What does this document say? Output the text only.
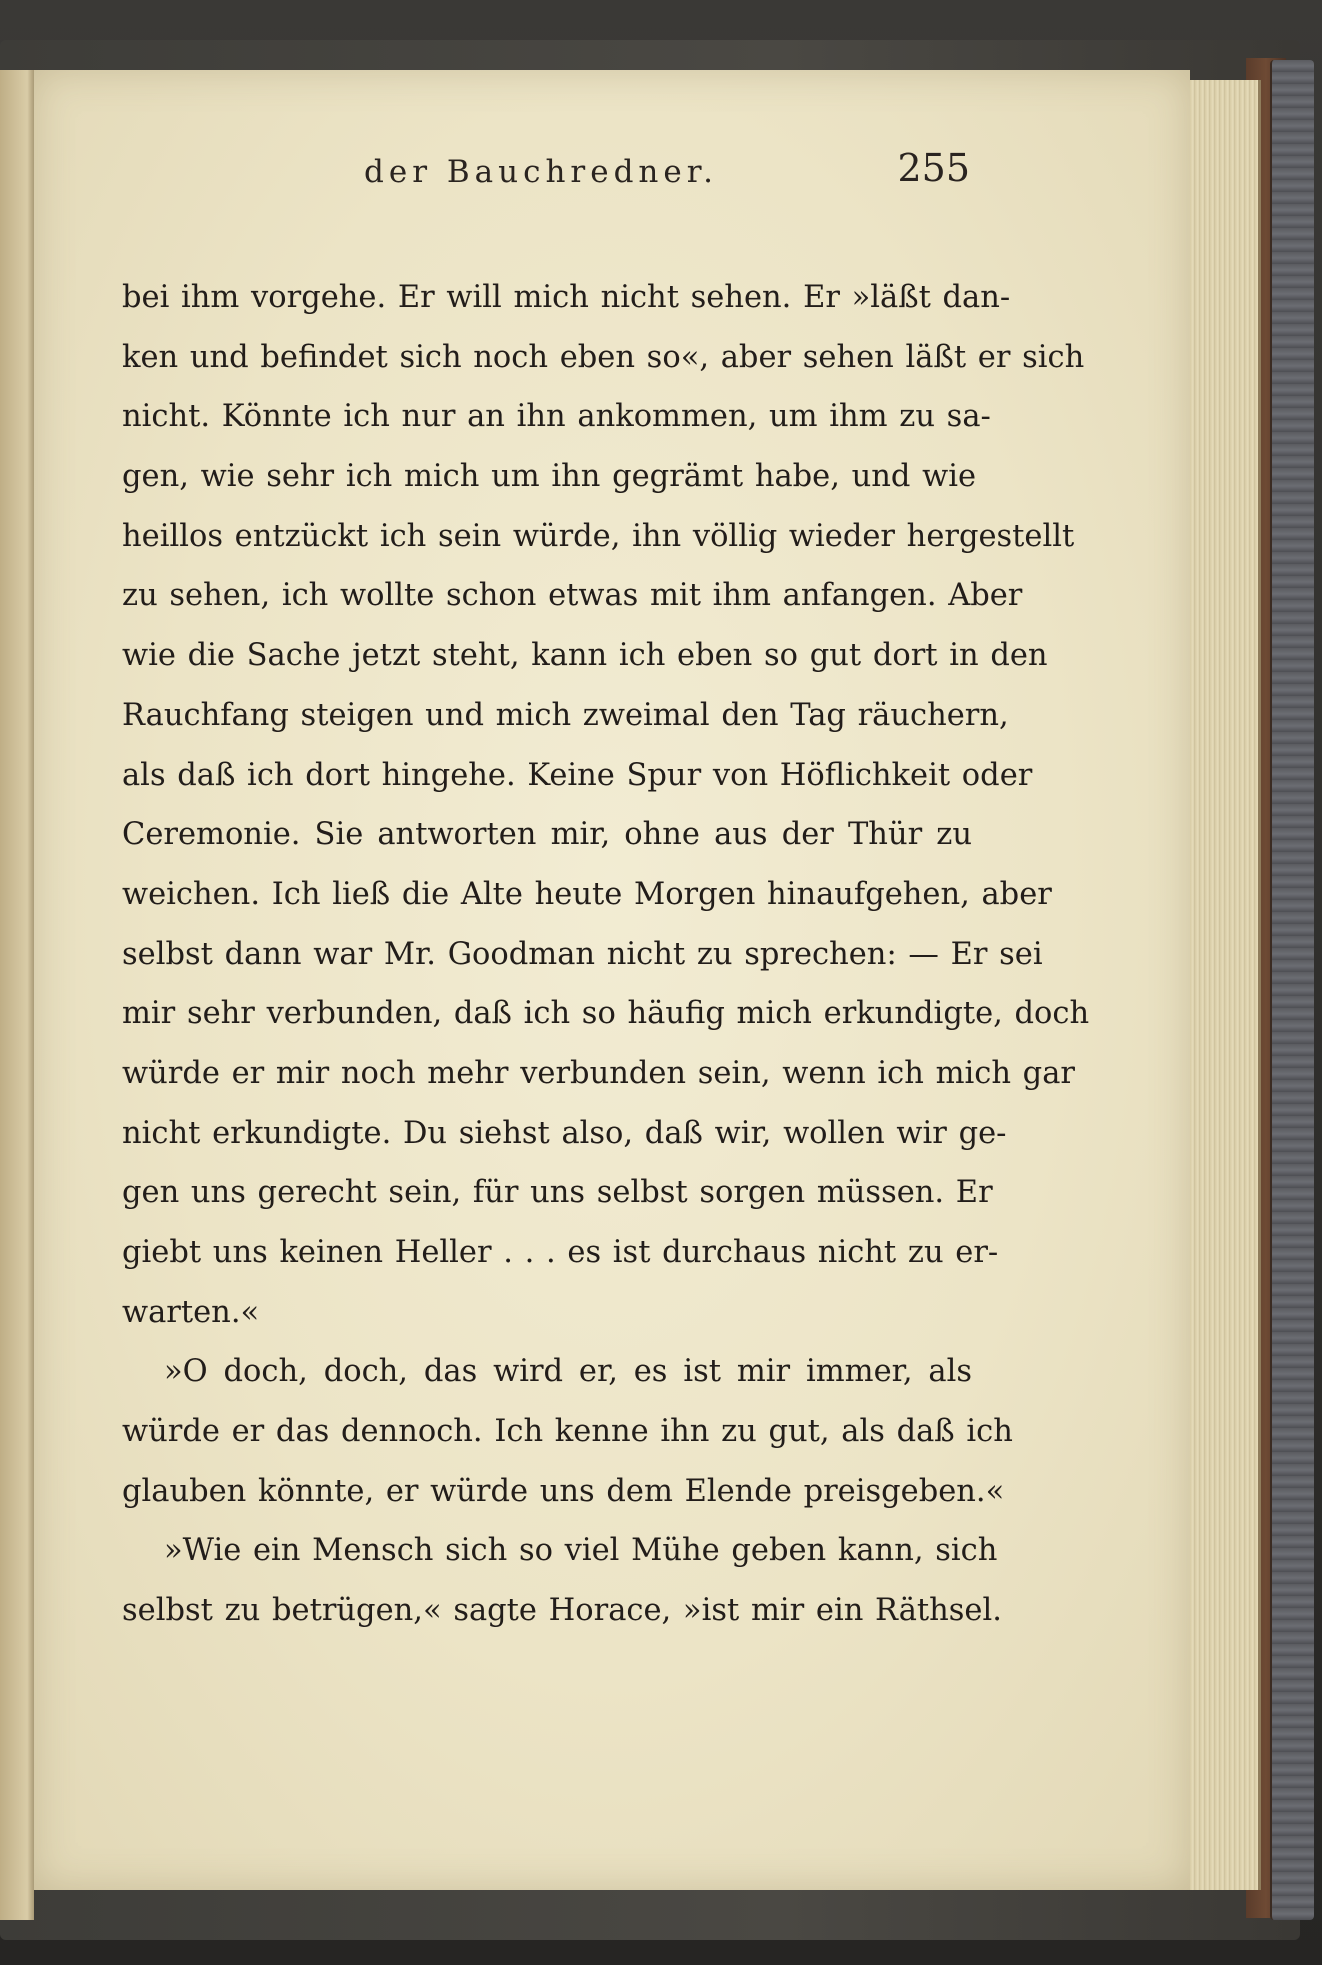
der Bauchredner.	255
bei ihm vorgehe. Er will mich nicht sehen. Er »läßt dan-
ken und befindet sich noch eben so«, aber sehen läßt er sich
nicht. Könnte ich nur an ihn ankommen, um ihm zu sa-
gen, wie sehr ich mich um ihn gegrämt habe, und wie
heillos entzückt ich sein würde, ihn völlig wieder hergestellt
zu sehen, ich wollte schon etwas mit ihm anfangen. Aber
wie die Sache jetzt steht, kann ich eben so gut dort in den
Rauchfang steigen und mich zweimal den Tag räuchern,
als daß ich dort hingehe. Keine Spur von Höflichkeit oder
Ceremonie. Sie antworten mir, ohne aus der Thür zu
weichen. Ich ließ die Alte heute Morgen hinaufgehen, aber
selbst dann war Mr. Goodman nicht zu sprechen: — Er sei
mir sehr verbunden, daß ich so häufig mich erkundigte, doch
würde er mir noch mehr verbunden sein, wenn ich mich gar
nicht erkundigte. Du siehst also, daß wir, wollen wir ge-
gen uns gerecht sein, für uns selbst sorgen müssen. Er
giebt uns keinen Heller . . . es ist durchaus nicht zu er-
warten.«
»O doch, doch, das wird er, es ist mir immer, als
würde er das dennoch. Ich kenne ihn zu gut, als daß ich
glauben könnte, er würde uns dem Elende preisgeben.«
»Wie ein Mensch sich so viel Mühe geben kann, sich
selbst zu betrügen,« sagte Horace, »ist mir ein Räthsel.
